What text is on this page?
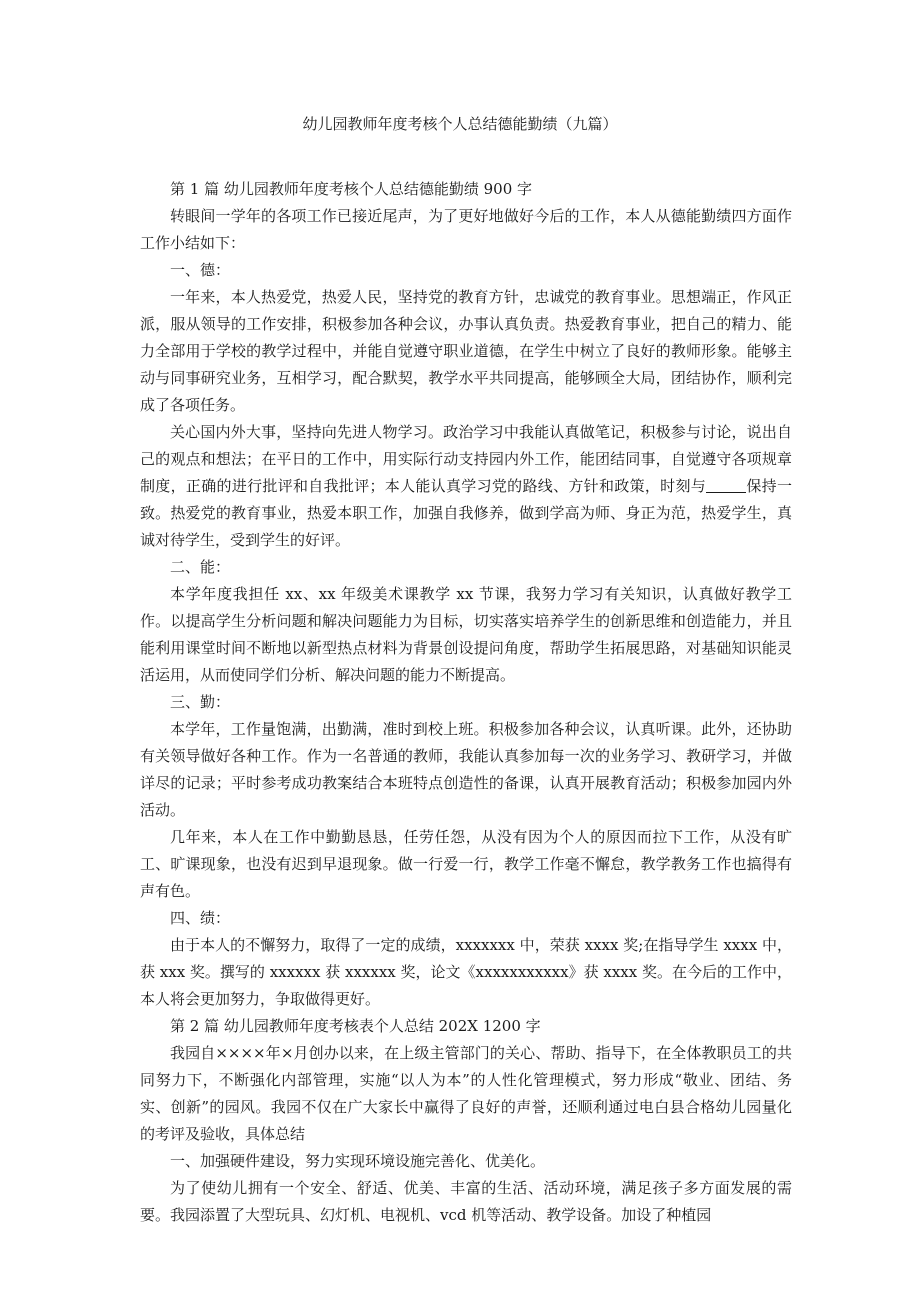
幼儿园教师年度考核个人总结德能勤绩（九篇）

第 1 篇 幼儿园教师年度考核个人总结德能勤绩 900 字

转眼间一学年的各项工作已接近尾声，为了更好地做好今后的工作，本人从德能勤绩四方面作工作小结如下：

一、德：

一年来，本人热爱党，热爱人民，坚持党的教育方针，忠诚党的教育事业。思想端正，作风正派，服从领导的工作安排，积极参加各种会议，办事认真负责。热爱教育事业，把自己的精力、能力全部用于学校的教学过程中，并能自觉遵守职业道德，在学生中树立了良好的教师形象。能够主动与同事研究业务，互相学习，配合默契，教学水平共同提高，能够顾全大局，团结协作，顺利完成了各项任务。

关心国内外大事，坚持向先进人物学习。政治学习中我能认真做笔记，积极参与讨论，说出自己的观点和想法；在平日的工作中，用实际行动支持园内外工作，能团结同事，自觉遵守各项规章制度，正确的进行批评和自我批评；本人能认真学习党的路线、方针和政策，时刻与	保持一致。热爱党的教育事业，热爱本职工作，加强自我修养，做到学高为师、身正为范，热爱学生，真诚对待学生，受到学生的好评。

二、能：

本学年度我担任 xx、xx 年级美术课教学 xx 节课，我努力学习有关知识，认真做好教学工作。以提高学生分析问题和解决问题能力为目标，切实落实培养学生的创新思维和创造能力，并且能利用课堂时间不断地以新型热点材料为背景创设提问角度，帮助学生拓展思路，对基础知识能灵活运用，从而使同学们分析、解决问题的能力不断提高。

三、勤：

本学年，工作量饱满，出勤满，准时到校上班。积极参加各种会议，认真听课。此外，还协助有关领导做好各种工作。作为一名普通的教师，我能认真参加每一次的业务学习、教研学习，并做详尽的记录；平时参考成功教案结合本班特点创造性的备课，认真开展教育活动；积极参加园内外活动。

几年来，本人在工作中勤勤恳恳，任劳任怨，从没有因为个人的原因而拉下工作，从没有旷工、旷课现象，也没有迟到早退现象。做一行爱一行，教学工作毫不懈怠，教学教务工作也搞得有声有色。

四、绩：

由于本人的不懈努力，取得了一定的成绩，xxxxxxx 中，荣获 xxxx 奖;在指导学生 xxxx 中，获 xxx 奖。撰写的 xxxxxx 获 xxxxxx 奖，论文《xxxxxxxxxxx》获 xxxx 奖。在今后的工作中，本人将会更加努力，争取做得更好。

第 2 篇 幼儿园教师年度考核表个人总结 202X 1200 字

我园自××××年×月创办以来，在上级主管部门的关心、帮助、指导下，在全体教职员工的共同努力下，不断强化内部管理，实施“以人为本”的人性化管理模式，努力形成“敬业、团结、务实、创新”的园风。我园不仅在广大家长中赢得了良好的声誉，还顺利通过电白县合格幼儿园量化的考评及验收，具体总结

一、加强硬件建设，努力实现环境设施完善化、优美化。

为了使幼儿拥有一个安全、舒适、优美、丰富的生活、活动环境，满足孩子多方面发展的需要。我园添置了大型玩具、幻灯机、电视机、vcd 机等活动、教学设备。加设了种植园
